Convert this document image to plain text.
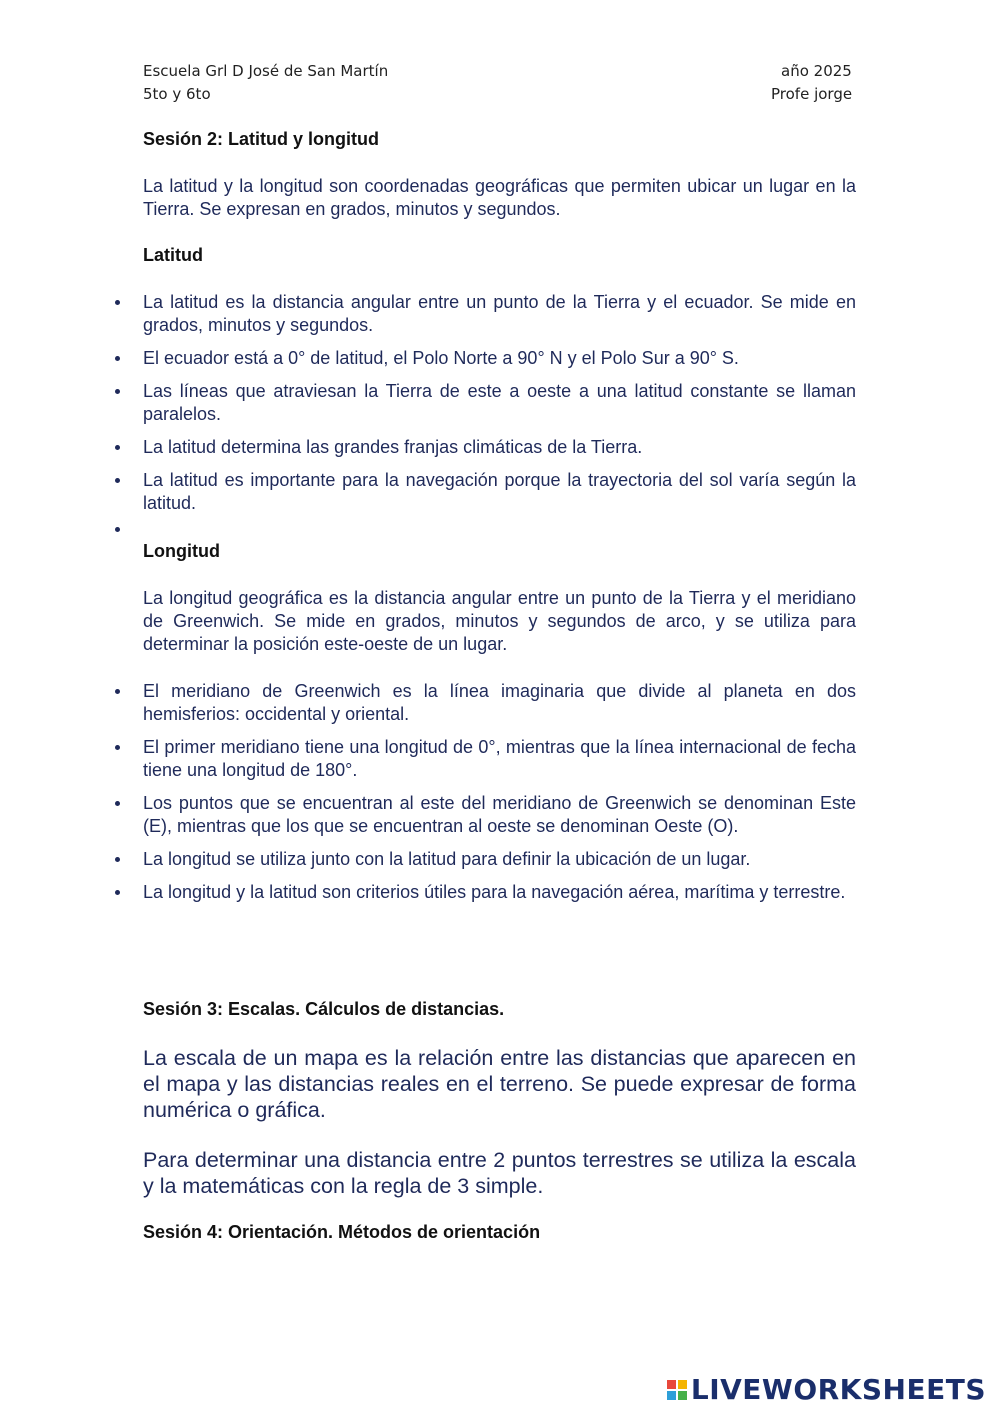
Escuela Grl D José de San Martín
5to y 6to
año 2025
Profe jorge
Sesión 2: Latitud y longitud
La latitud y la longitud son coordenadas geográficas que permiten ubicar un lugar en la Tierra. Se expresan en grados, minutos y segundos.
Latitud
La latitud es la distancia angular entre un punto de la Tierra y el ecuador. Se mide en grados, minutos y segundos.
El ecuador está a 0° de latitud, el Polo Norte a 90° N y el Polo Sur a 90° S.
Las líneas que atraviesan la Tierra de este a oeste a una latitud constante se llaman paralelos.
La latitud determina las grandes franjas climáticas de la Tierra.
La latitud es importante para la navegación porque la trayectoria del sol varía según la latitud.
Longitud
La longitud geográfica es la distancia angular entre un punto de la Tierra y el meridiano de Greenwich. Se mide en grados, minutos y segundos de arco, y se utiliza para determinar la posición este-oeste de un lugar.
El meridiano de Greenwich es la línea imaginaria que divide al planeta en dos hemisferios: occidental y oriental.
El primer meridiano tiene una longitud de 0°, mientras que la línea internacional de fecha tiene una longitud de 180°.
Los puntos que se encuentran al este del meridiano de Greenwich se denominan Este (E), mientras que los que se encuentran al oeste se denominan Oeste (O).
La longitud se utiliza junto con la latitud para definir la ubicación de un lugar.
La longitud y la latitud son criterios útiles para la navegación aérea, marítima y terrestre.
Sesión 3: Escalas. Cálculos de distancias.
La escala de un mapa es la relación entre las distancias que aparecen en el mapa y las distancias reales en el terreno. Se puede expresar de forma numérica o gráfica.
Para determinar una distancia entre 2 puntos terrestres se utiliza la escala y la matemáticas con la regla de 3 simple.
Sesión 4: Orientación. Métodos de orientación
LIVEWORKSHEETS
